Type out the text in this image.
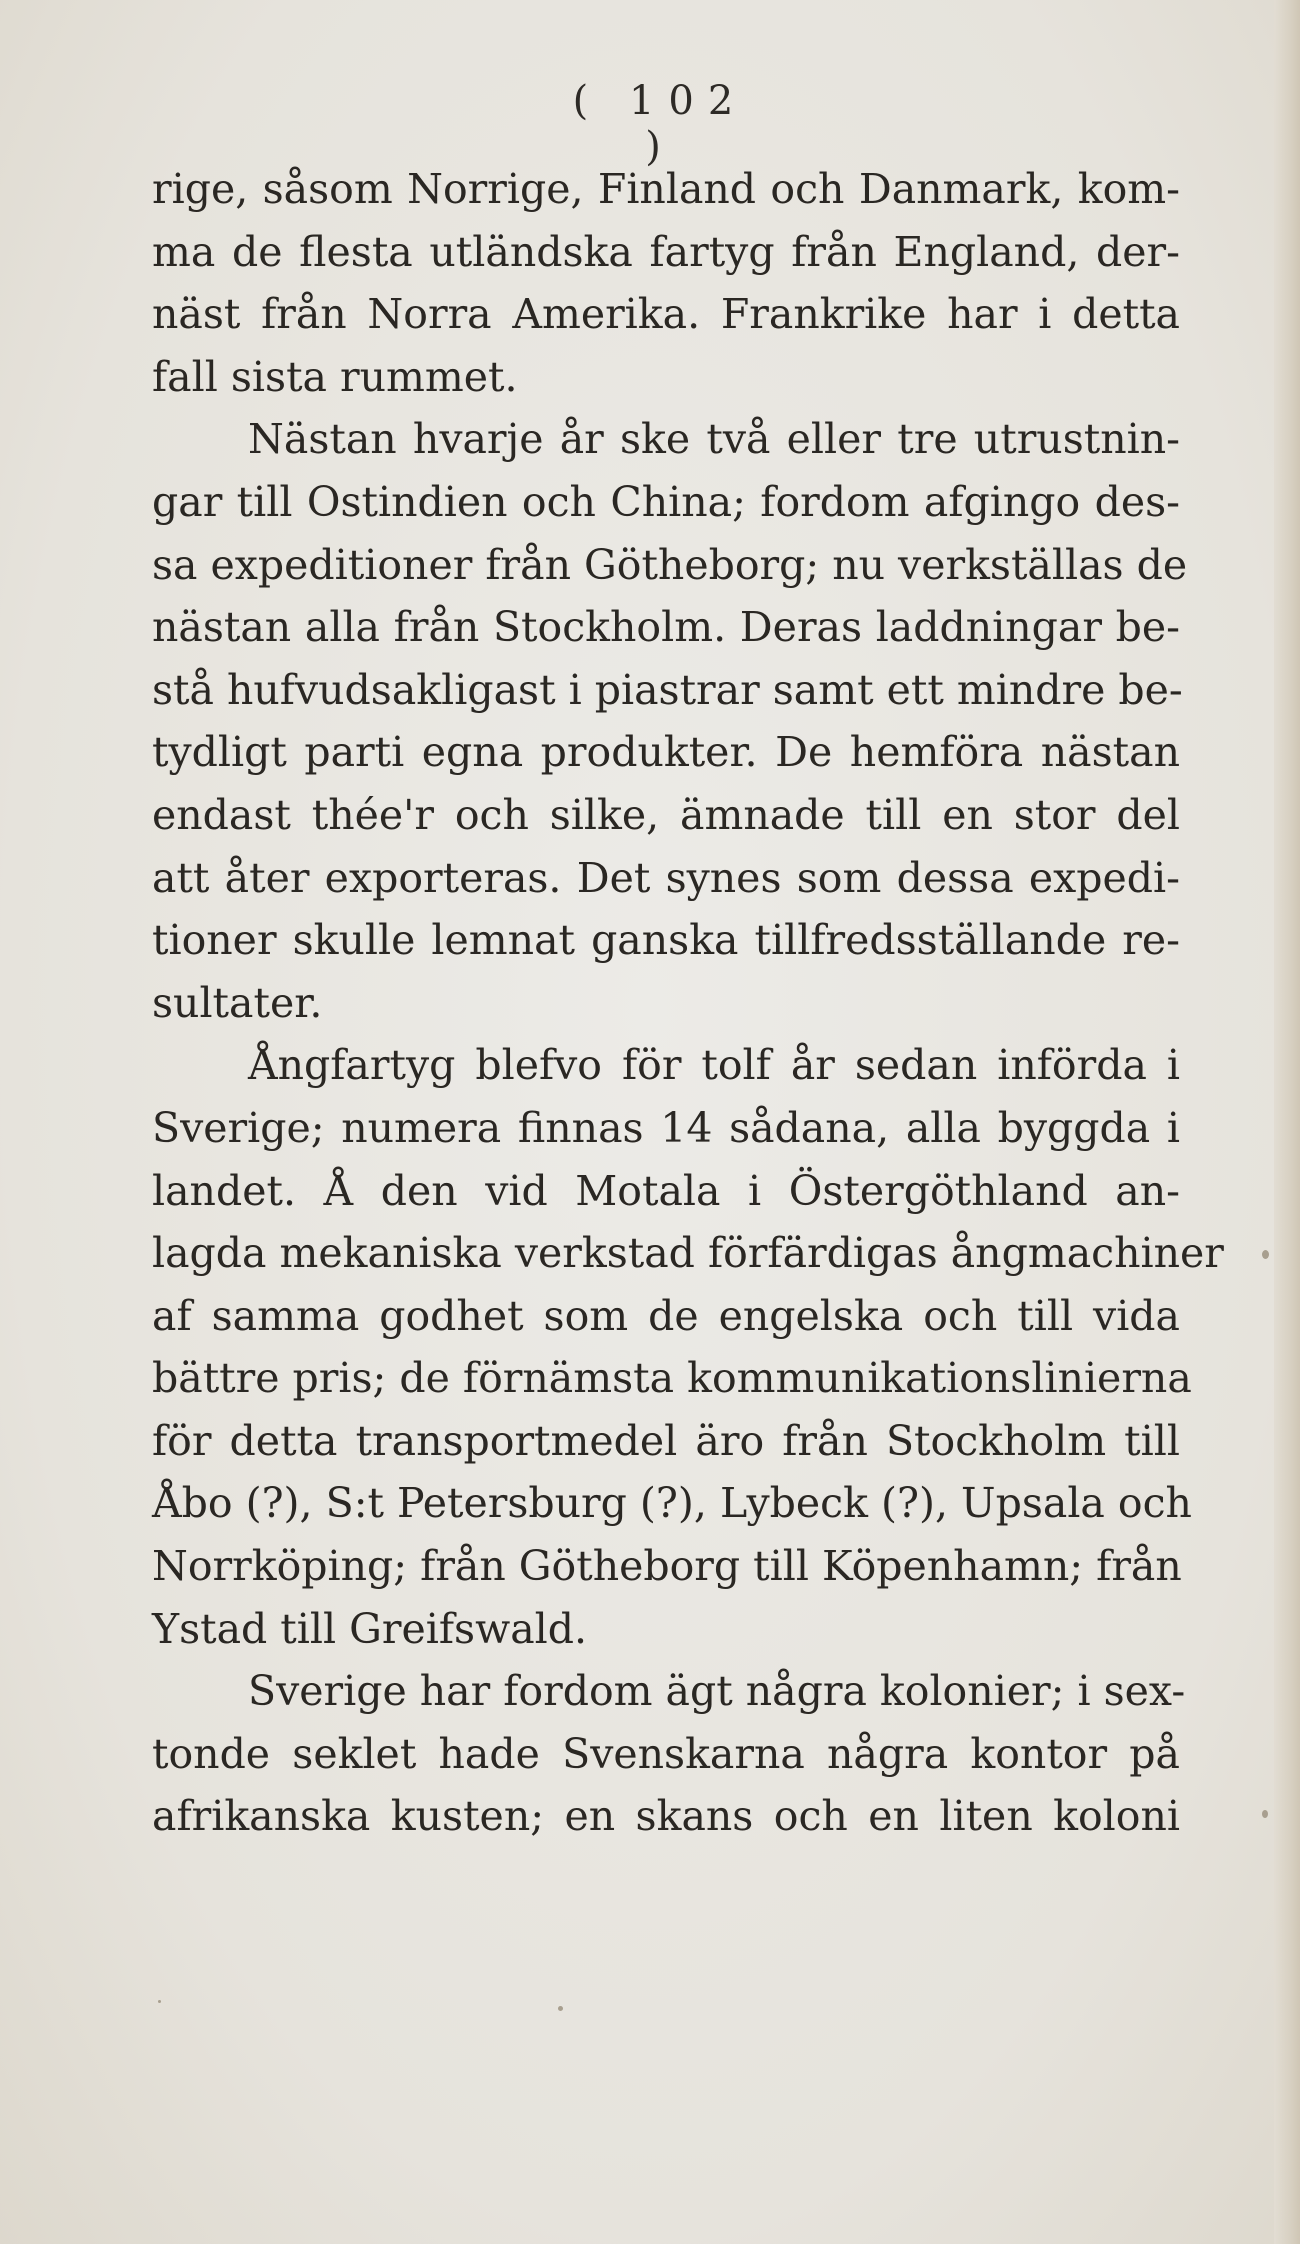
( 102 )
rige, såsom Norrige, Finland och Danmark, kom-
ma de flesta utländska fartyg från England, der-
näst från Norra Amerika. Frankrike har i detta
fall sista rummet.
Nästan hvarje år ske två eller tre utrustnin-
gar till Ostindien och China; fordom afgingo des-
sa expeditioner från Götheborg; nu verkställas de
nästan alla från Stockholm. Deras laddningar be-
stå hufvudsakligast i piastrar samt ett mindre be-
tydligt parti egna produkter. De hemföra nästan
endast thée'r och silke, ämnade till en stor del
att åter exporteras. Det synes som dessa expedi-
tioner skulle lemnat ganska tillfredsställande re-
sultater.
Ångfartyg blefvo för tolf år sedan införda i
Sverige; numera finnas 14 sådana, alla byggda i
landet. Å den vid Motala i Östergöthland an-
lagda mekaniska verkstad förfärdigas ångmachiner
af samma godhet som de engelska och till vida
bättre pris; de förnämsta kommunikationslinierna
för detta transportmedel äro från Stockholm till
Åbo (?), S:t Petersburg (?), Lybeck (?), Upsala och
Norrköping; från Götheborg till Köpenhamn; från
Ystad till Greifswald.
Sverige har fordom ägt några kolonier; i sex-
tonde seklet hade Svenskarna några kontor på
afrikanska kusten; en skans och en liten koloni
